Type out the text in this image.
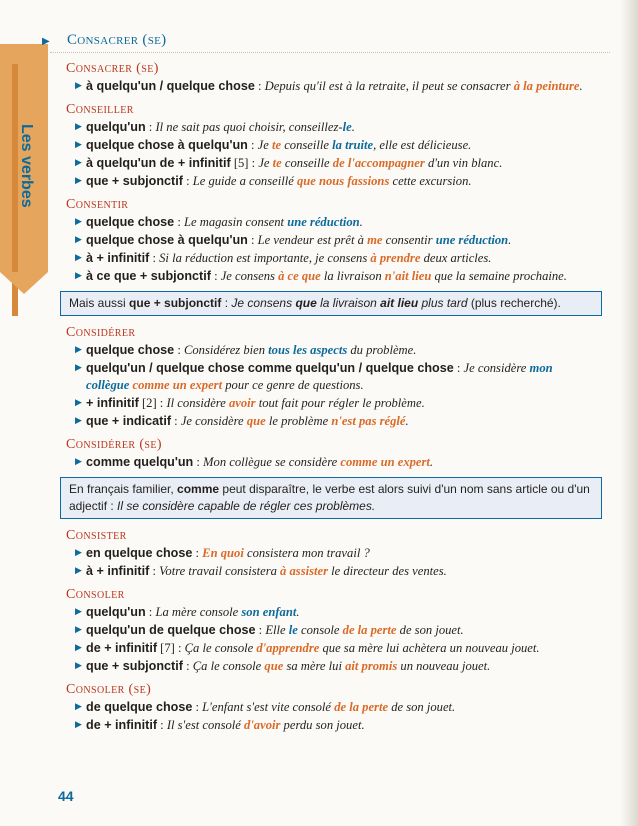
Les verbes
▶ Consacrer (se)
Consacrer (se)
▶ à quelqu'un / quelque chose : Depuis qu'il est à la retraite, il peut se consacrer à la peinture.
Conseiller
▶ quelqu'un : Il ne sait pas quoi choisir, conseillez-le.
▶ quelque chose à quelqu'un : Je te conseille la truite, elle est délicieuse.
▶ à quelqu'un de + infinitif [5] : Je te conseille de l'accompagner d'un vin blanc.
▶ que + subjonctif : Le guide a conseillé que nous fassions cette excursion.
Consentir
▶ quelque chose : Le magasin consent une réduction.
▶ quelque chose à quelqu'un : Le vendeur est prêt à me consentir une réduction.
▶ à + infinitif : Si la réduction est importante, je consens à prendre deux articles.
▶ à ce que + subjonctif : Je consens à ce que la livraison n'ait lieu que la semaine prochaine.
Mais aussi que + subjonctif : Je consens que la livraison ait lieu plus tard (plus recherché).
Considérer
▶ quelque chose : Considérez bien tous les aspects du problème.
▶ quelqu'un / quelque chose comme quelqu'un / quelque chose : Je considère mon collègue comme un expert pour ce genre de questions.
▶ + infinitif [2] : Il considère avoir tout fait pour régler le problème.
▶ que + indicatif : Je considère que le problème n'est pas réglé.
Considérer (se)
▶ comme quelqu'un : Mon collègue se considère comme un expert.
En français familier, comme peut disparaître, le verbe est alors suivi d'un nom sans article ou d'un adjectif : Il se considère capable de régler ces problèmes.
Consister
▶ en quelque chose : En quoi consistera mon travail ?
▶ à + infinitif : Votre travail consistera à assister le directeur des ventes.
Consoler
▶ quelqu'un : La mère console son enfant.
▶ quelqu'un de quelque chose : Elle le console de la perte de son jouet.
▶ de + infinitif [7] : Ça le console d'apprendre que sa mère lui achètera un nouveau jouet.
▶ que + subjonctif : Ça le console que sa mère lui ait promis un nouveau jouet.
Consoler (se)
▶ de quelque chose : L'enfant s'est vite consolé de la perte de son jouet.
▶ de + infinitif : Il s'est consolé d'avoir perdu son jouet.
44
